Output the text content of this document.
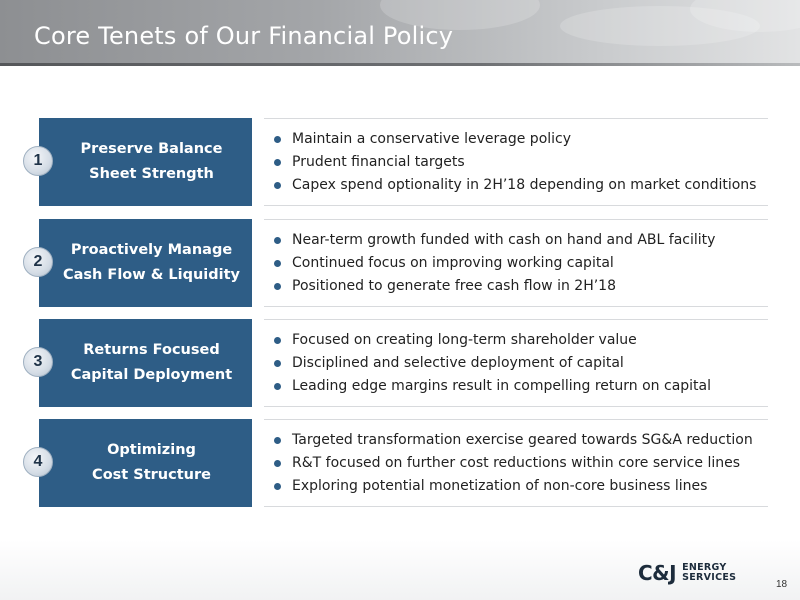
Core Tenets of Our Financial Policy
Preserve Balance
Sheet Strength
1
Maintain a conservative leverage policy
Prudent financial targets
Capex spend optionality in 2H’18 depending on market conditions
Proactively Manage
Cash Flow & Liquidity
2
Near-term growth funded with cash on hand and ABL facility
Continued focus on improving working capital
Positioned to generate free cash flow in 2H’18
Returns Focused
Capital Deployment
3
Focused on creating long-term shareholder value
Disciplined and selective deployment of capital
Leading edge margins result in compelling return on capital
Optimizing
Cost Structure
4
Targeted transformation exercise geared towards SG&A reduction
R&T focused on further cost reductions within core service lines
Exploring potential monetization of non-core business lines
C&J ENERGY
SERVICES
18
